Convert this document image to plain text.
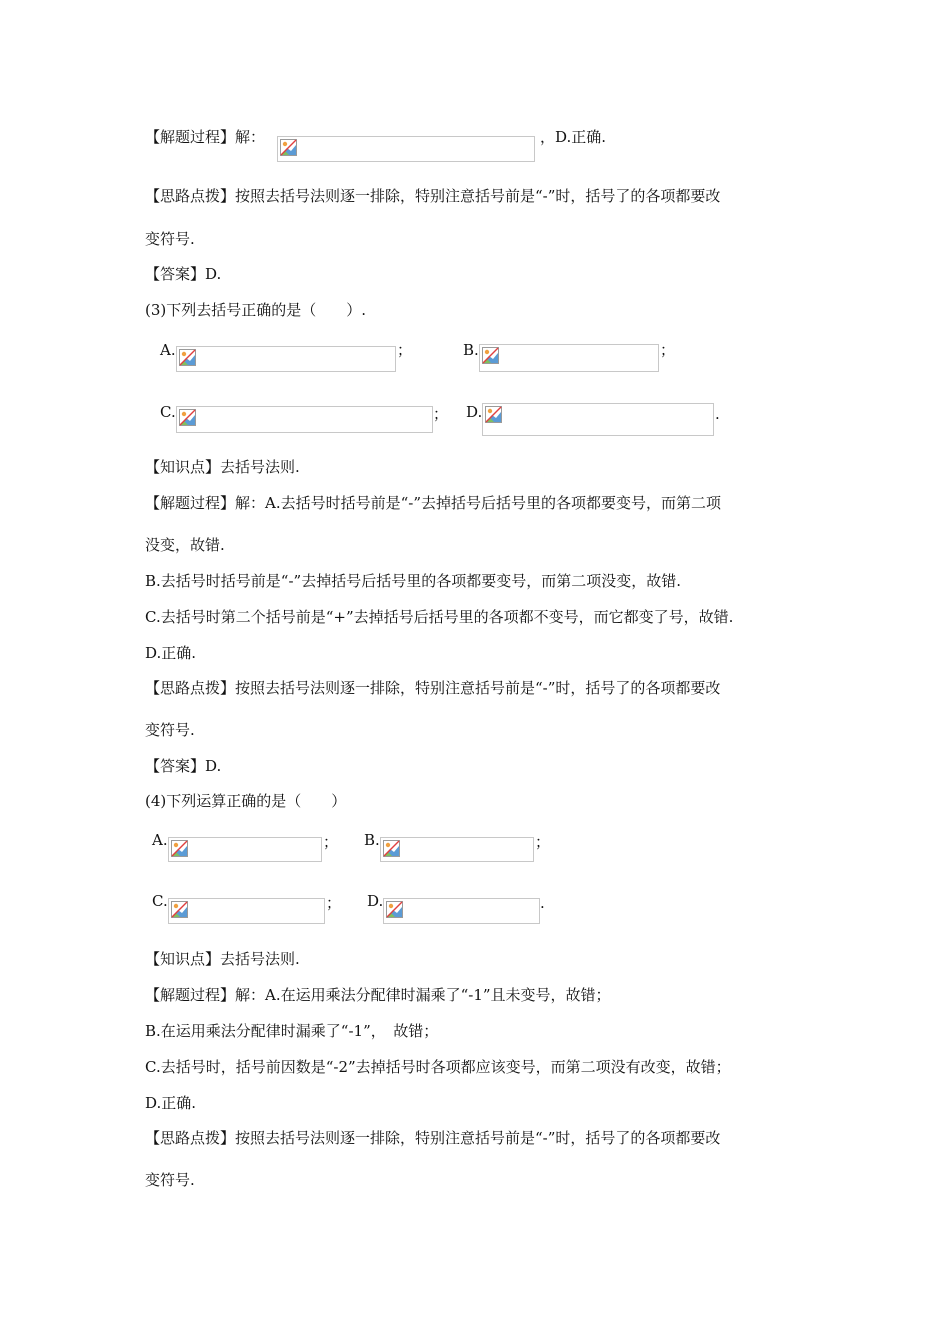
【解题过程】解：	，D.正确.
【思路点拨】按照去括号法则逐一排除，特别注意括号前是“-”时，括号了的各项都要改
变符号.
【答案】D.
(3)下列去括号正确的是（　　）.
A.	；	B.	；
C.	； D.	.
【知识点】去括号法则.
【解题过程】解：A.去括号时括号前是“-”去掉括号后括号里的各项都要变号，而第二项
没变，故错.
B.去括号时括号前是“-”去掉括号后括号里的各项都要变号，而第二项没变，故错.
C.去括号时第二个括号前是“+”去掉括号后括号里的各项都不变号，而它都变了号，故错.
D.正确.
【思路点拨】按照去括号法则逐一排除，特别注意括号前是“-”时，括号了的各项都要改
变符号.
【答案】D.
(4)下列运算正确的是（　　）
A.	； B.	；
C.	； D.	.
【知识点】去括号法则.
【解题过程】解：A.在运用乘法分配律时漏乘了“-1”且未变号，故错；
B.在运用乘法分配律时漏乘了“-1”，　故错；
C.去括号时，括号前因数是“-2”去掉括号时各项都应该变号，而第二项没有改变，故错；
D.正确.
【思路点拨】按照去括号法则逐一排除，特别注意括号前是“-”时，括号了的各项都要改
变符号.
